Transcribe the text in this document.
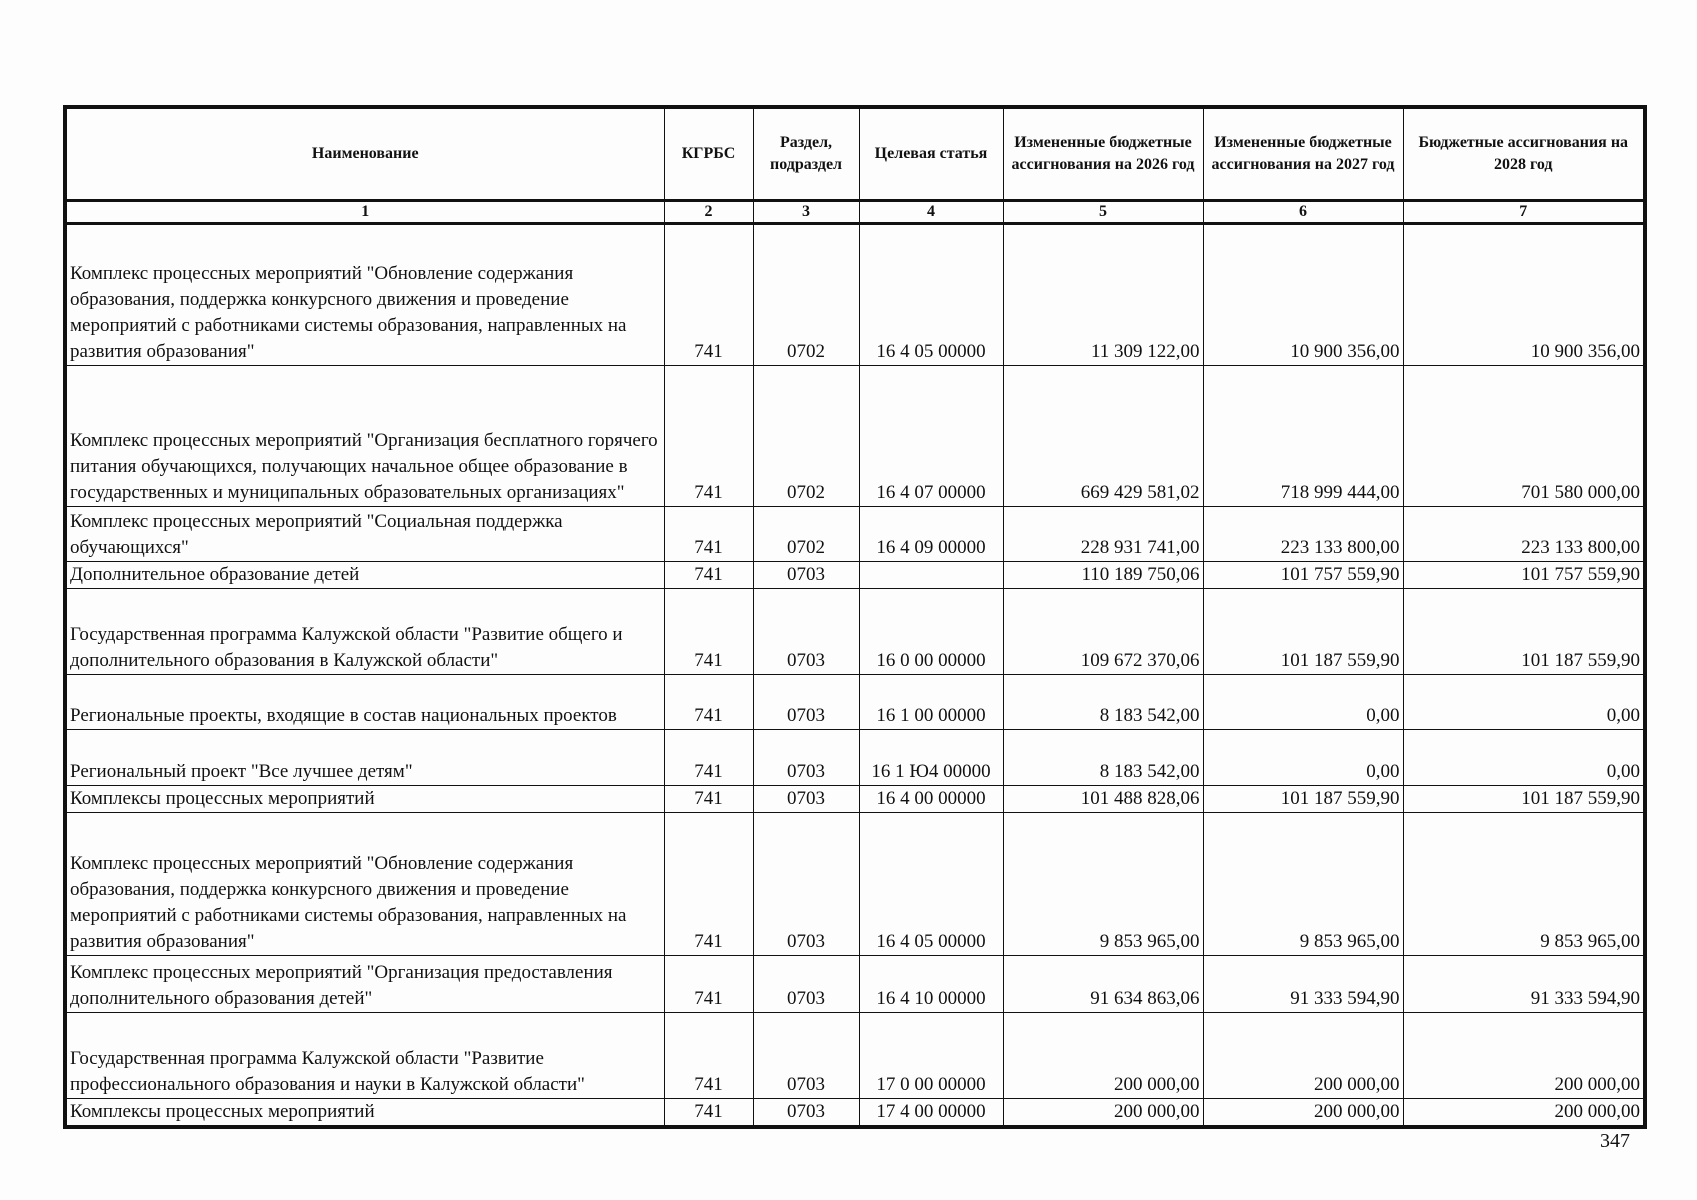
Наименование	КГРБС	Раздел, подраздел	Целевая статья	Измененные бюджетные ассигнования на 2026 год	Измененные бюджетные ассигнования на 2027 год	Бюджетные ассигнования на 2028 год
1	2	3	4	5	6	7
Комплекс процессных мероприятий "Обновление содержания образования, поддержка конкурсного движения и проведение мероприятий с работниками системы образования, направленных на развития образования"	741	0702	16 4 05 00000	11 309 122,00	10 900 356,00	10 900 356,00
Комплекс процессных мероприятий "Организация бесплатного горячего питания обучающихся, получающих начальное общее образование в государственных и муниципальных образовательных организациях"	741	0702	16 4 07 00000	669 429 581,02	718 999 444,00	701 580 000,00
Комплекс процессных мероприятий "Социальная поддержка обучающихся"	741	0702	16 4 09 00000	228 931 741,00	223 133 800,00	223 133 800,00
Дополнительное образование детей	741	0703		110 189 750,06	101 757 559,90	101 757 559,90
Государственная программа Калужской области "Развитие общего и дополнительного образования в Калужской области"	741	0703	16 0 00 00000	109 672 370,06	101 187 559,90	101 187 559,90
Региональные проекты, входящие в состав национальных проектов	741	0703	16 1 00 00000	8 183 542,00	0,00	0,00
Региональный проект "Все лучшее детям"	741	0703	16 1 Ю4 00000	8 183 542,00	0,00	0,00
Комплексы процессных мероприятий	741	0703	16 4 00 00000	101 488 828,06	101 187 559,90	101 187 559,90
Комплекс процессных мероприятий "Обновление содержания образования, поддержка конкурсного движения и проведение мероприятий с работниками системы образования, направленных на развития образования"	741	0703	16 4 05 00000	9 853 965,00	9 853 965,00	9 853 965,00
Комплекс процессных мероприятий "Организация предоставления дополнительного образования детей"	741	0703	16 4 10 00000	91 634 863,06	91 333 594,90	91 333 594,90
Государственная программа Калужской области "Развитие профессионального образования и науки в Калужской области"	741	0703	17 0 00 00000	200 000,00	200 000,00	200 000,00
Комплексы процессных мероприятий	741	0703	17 4 00 00000	200 000,00	200 000,00	200 000,00
347
